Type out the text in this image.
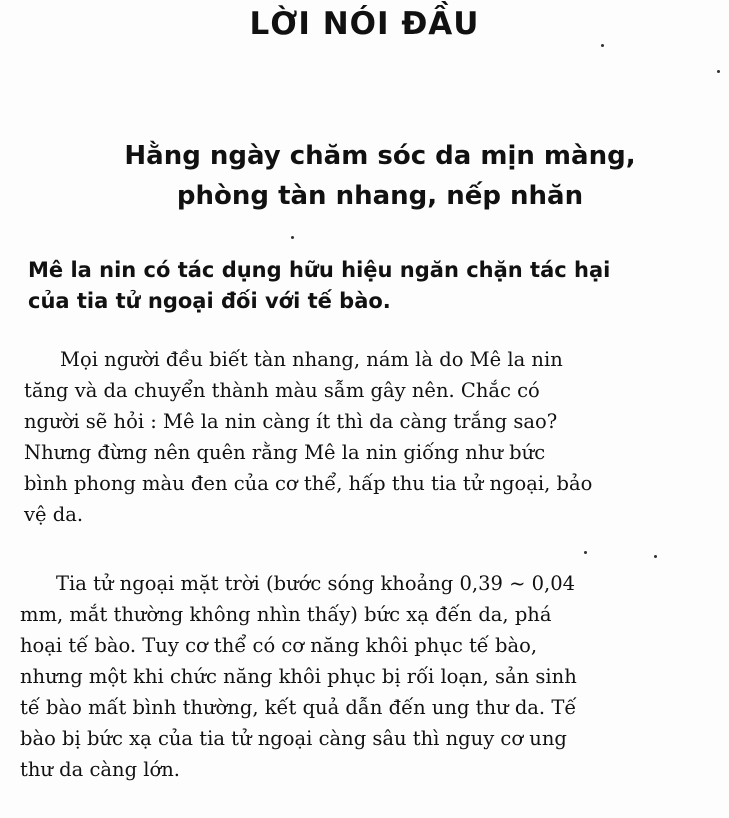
LỜI NÓI ĐẦU
Hằng ngày chăm sóc da mịn màng,
phòng tàn nhang, nếp nhăn
Mê la nin có tác dụng hữu hiệu ngăn chặn tác hại
của tia tử ngoại đối với tế bào.

Mọi người đều biết tàn nhang, nám là do Mê la nin
tăng và da chuyển thành màu sẫm gây nên. Chắc có
người sẽ hỏi : Mê la nin càng ít thì da càng trắng sao?
Nhưng đừng nên quên rằng Mê la nin giống như bức
bình phong màu đen của cơ thể, hấp thu tia tử ngoại, bảo
vệ da.

Tia tử ngoại mặt trời (bước sóng khoảng 0,39 ~ 0,04
mm, mắt thường không nhìn thấy) bức xạ đến da, phá
hoại tế bào. Tuy cơ thể có cơ năng khôi phục tế bào,
nhưng một khi chức năng khôi phục bị rối loạn, sản sinh
tế bào mất bình thường, kết quả dẫn đến ung thư da. Tế
bào bị bức xạ của tia tử ngoại càng sâu thì nguy cơ ung
thư da càng lớn.
